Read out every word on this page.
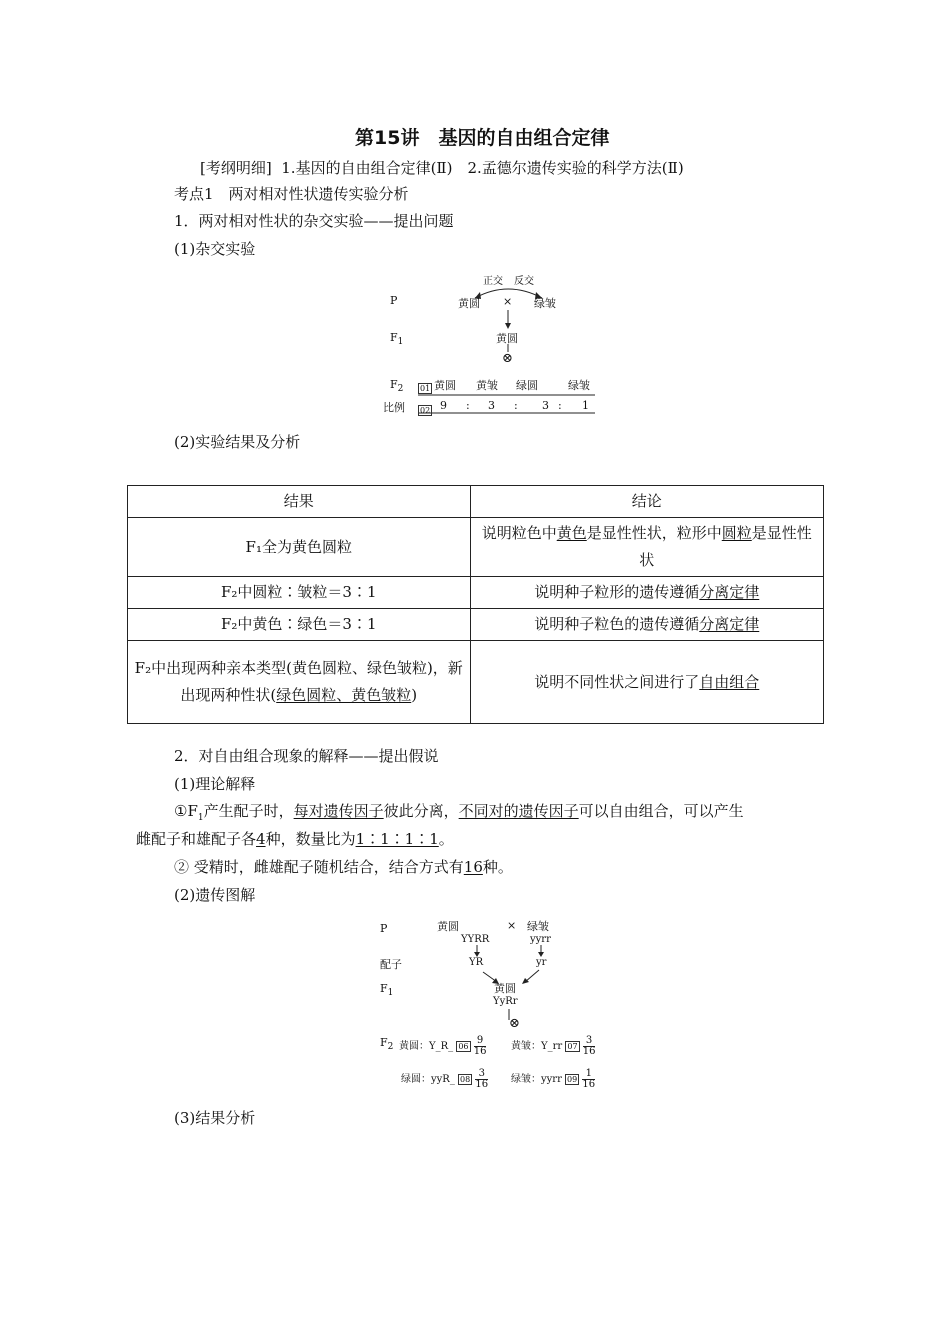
第15讲　基因的自由组合定律
[考纲明细] 1.基因的自由组合定律(Ⅱ)　2.孟德尔遗传实验的科学方法(Ⅱ)
考点1　两对相对性状遗传实验分析
1．两对相对性状的杂交实验——提出问题
(1)杂交实验
正交 反交
P	黄圆 × 绿皱
$F_1$	黄圆
⊗
$F_2$ 01 黄圆 黄皱 绿圆	绿皱
比例 02 9 : 3 : 3 : 1
(2)实验结果及分析
结果	结论
F₁全为黄色圆粒	说明粒色中黄色是显性性状，粒形中圆粒是显性性状
F₂中圆粒∶皱粒＝3∶1	说明种子粒形的遗传遵循分离定律
F₂中黄色∶绿色＝3∶1	说明种子粒色的遗传遵循分离定律
F₂中出现两种亲本类型(黄色圆粒、绿色皱粒)，新出现两种性状(绿色圆粒、黄色皱粒)	说明不同性状之间进行了自由组合
2．对自由组合现象的解释——提出假说
(1)理论解释
$①F_1$产生配子时，每对遗传因子彼此分离，不同对的遗传因子可以自由组合，可以产生
雌配子和雄配子各4种，数量比为1∶1∶1∶1。
② 受精时，雌雄配子随机结合，结合方式有16种。
(2)遗传图解
P	黄圆	× 绿皱
YYRR	yyrr
配子	YR	yr
$F_1$	黄圆
YyRr
⊗
$F_2$ 黄圆：Y_R_ $06 \frac{9}{16}$ 黄皱：Y_rr $07 \frac{3}{16}$
绿圆：yyR_ $08 \frac{3}{16}$ 绿皱：yyrr $09 \frac{1}{16}$
(3)结果分析
